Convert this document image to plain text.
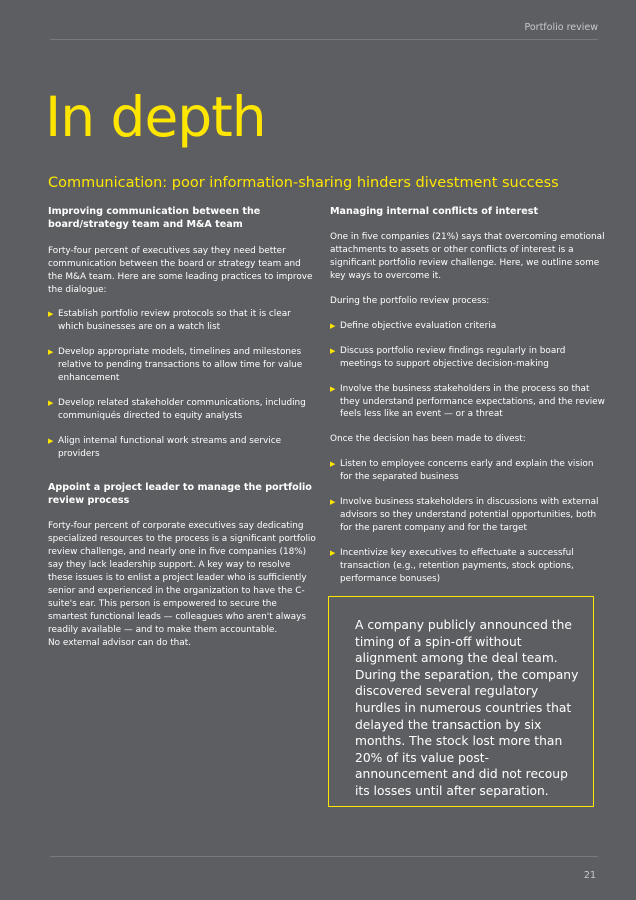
Portfolio review
In depth
Communication: poor information-sharing hinders divestment success
Improving communication between the board/strategy team and M&A team

Forty-four percent of executives say they need better communication between the board or strategy team and the M&A team. Here are some leading practices to improve the dialogue:

▶ Establish portfolio review protocols so that it is clear which businesses are on a watch list
▶ Develop appropriate models, timelines and milestones relative to pending transactions to allow time for value enhancement
▶ Develop related stakeholder communications, including communiqués directed to equity analysts
▶ Align internal functional work streams and service providers
Appoint a project leader to manage the portfolio review process

Forty-four percent of corporate executives say dedicating specialized resources to the process is a significant portfolio review challenge, and nearly one in five companies (18%) say they lack leadership support. A key way to resolve these issues is to enlist a project leader who is sufficiently senior and experienced in the organization to have the C-suite's ear. This person is empowered to secure the smartest functional leads — colleagues who aren't always readily available — and to make them accountable.

No external advisor can do that.

Managing internal conflicts of interest

One in five companies (21%) says that overcoming emotional attachments to assets or other conflicts of interest is a significant portfolio review challenge. Here, we outline some key ways to overcome it.

During the portfolio review process:

▶ Define objective evaluation criteria
▶ Discuss portfolio review findings regularly in board meetings to support objective decision-making
▶ Involve the business stakeholders in the process so that they understand performance expectations, and the review feels less like an event — or a threat

Once the decision has been made to divest:

▶ Listen to employee concerns early and explain the vision for the separated business
▶ Involve business stakeholders in discussions with external advisors so they understand potential opportunities, both for the parent company and for the target
▶ Incentivize key executives to effectuate a successful transaction (e.g., retention payments, stock options, performance bonuses)

A company publicly announced the timing of a spin-off without alignment among the deal team. During the separation, the company discovered several regulatory hurdles in numerous countries that delayed the transaction by six months. The stock lost more than 20% of its value post-announcement and did not recoup its losses until after separation.

21
